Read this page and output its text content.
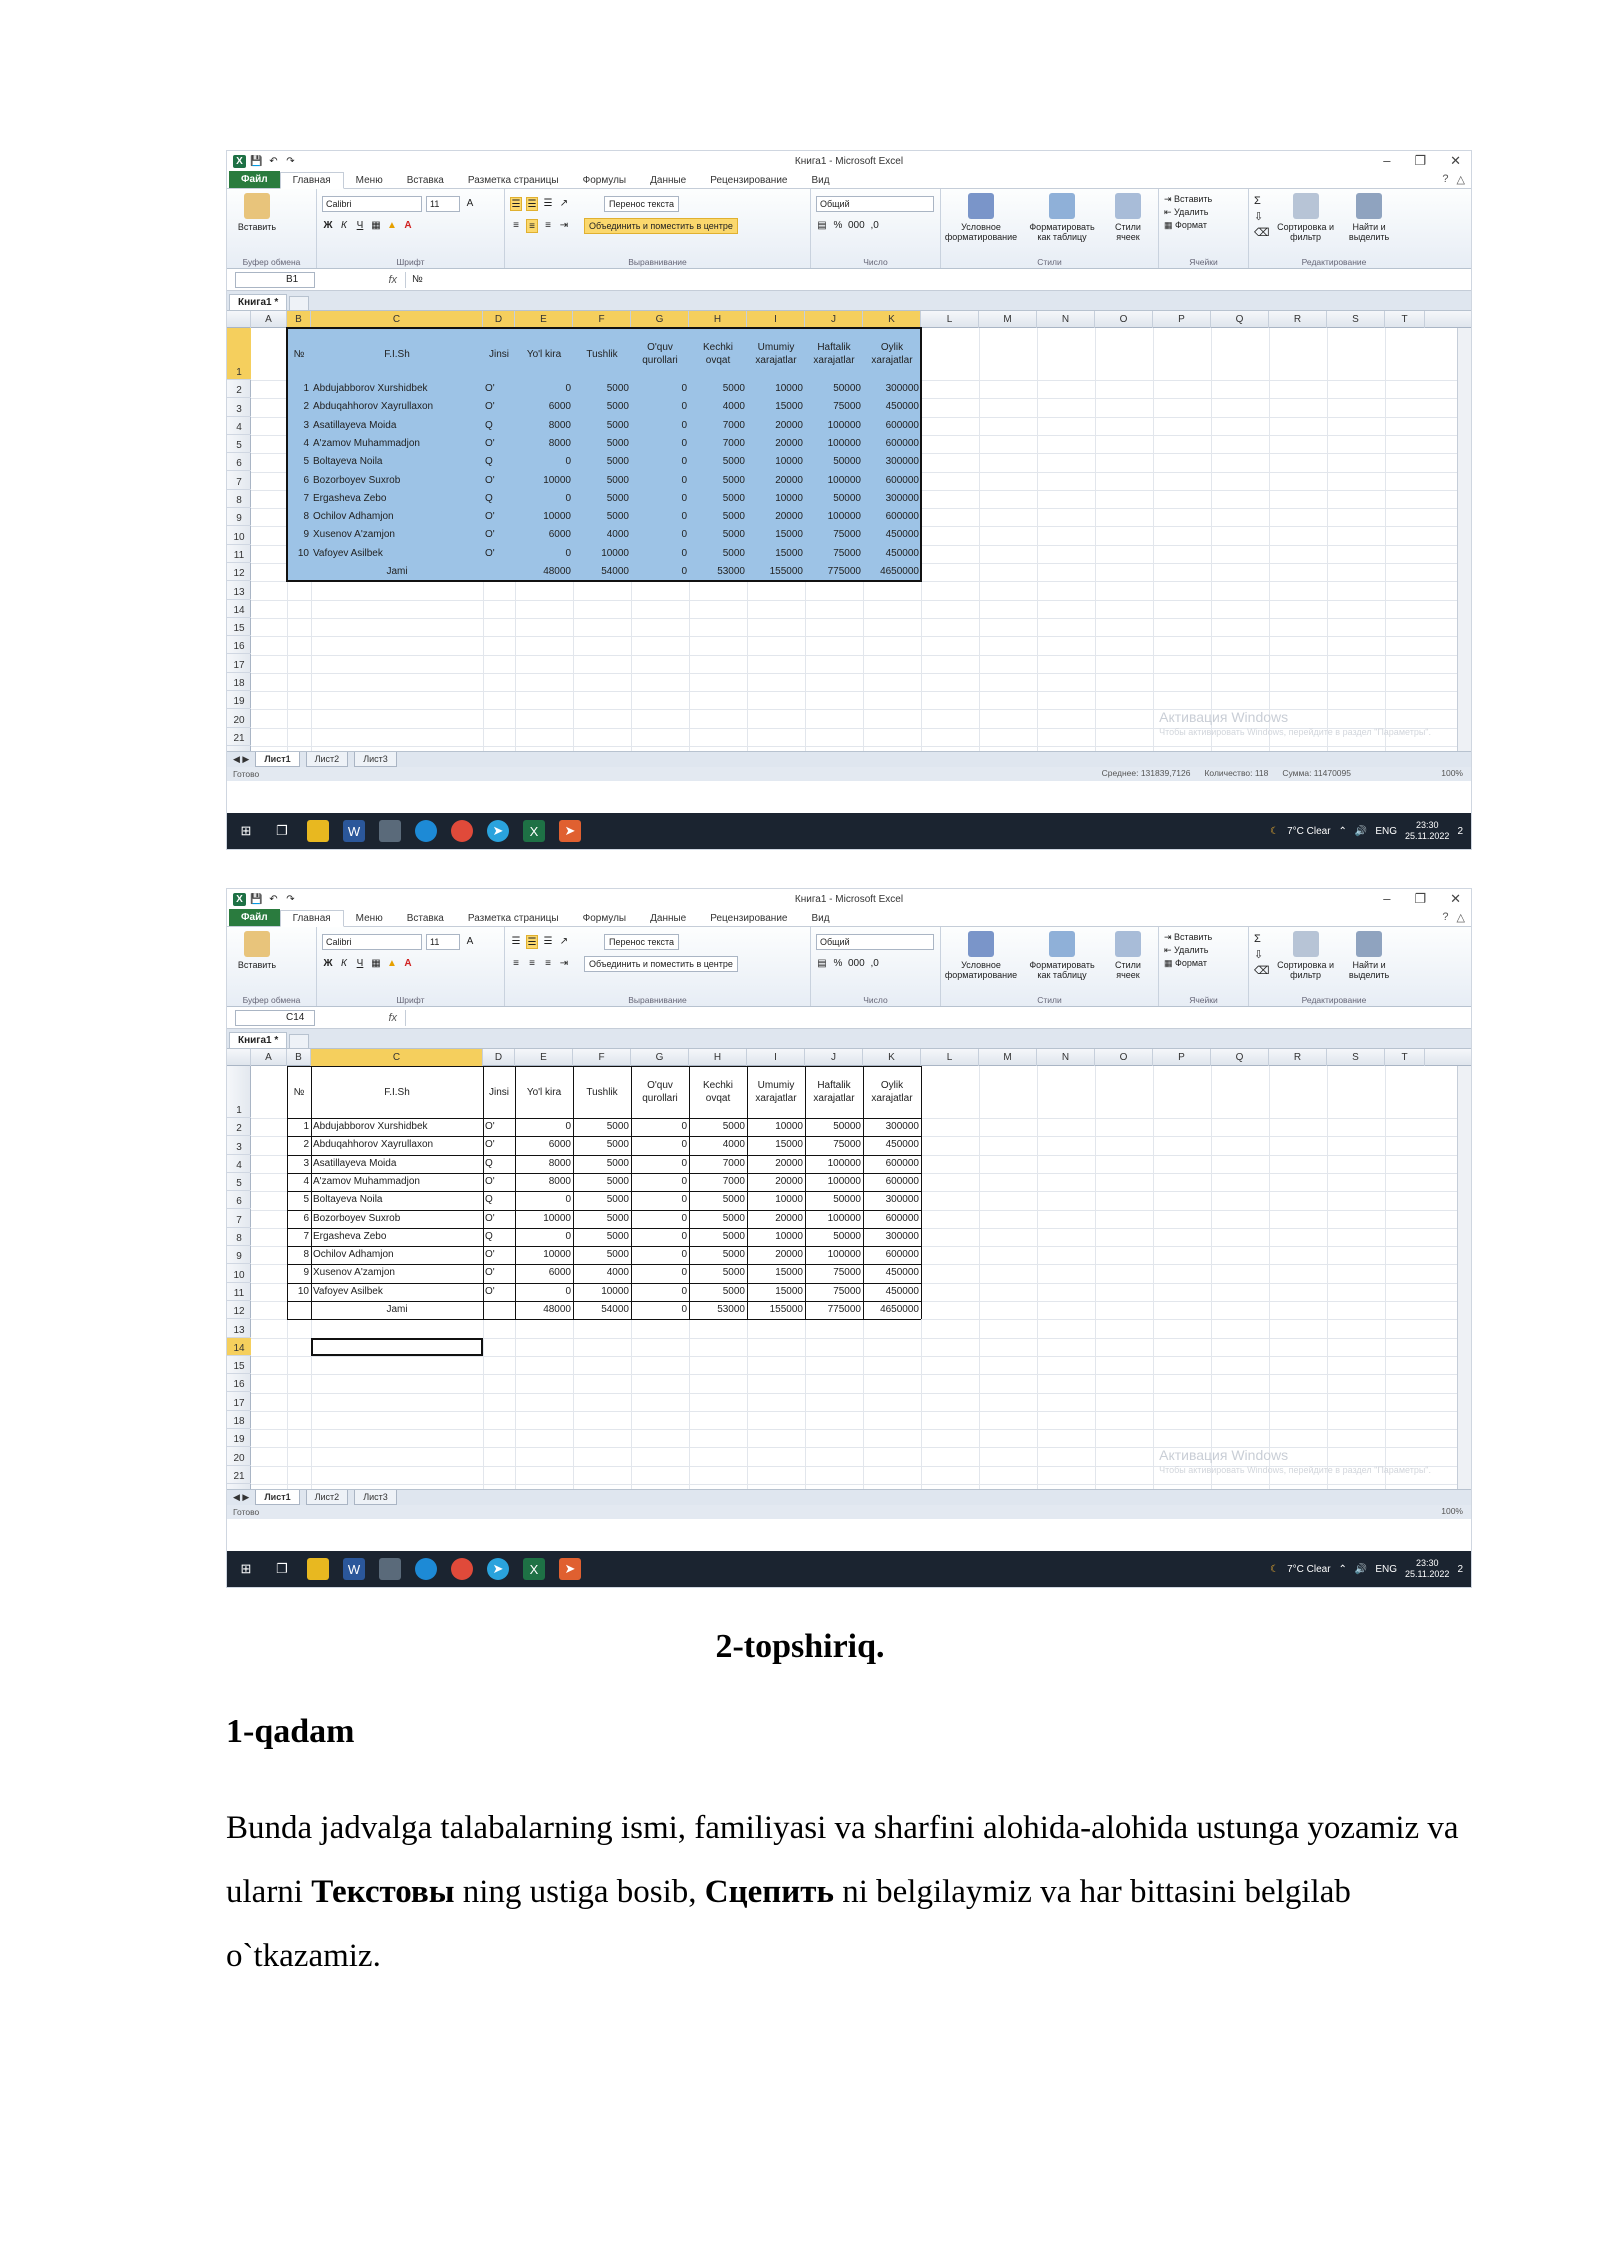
X 💾 ↶ ↷	Книга1 - Microsoft Excel	– ❐ ✕
Файл	Главная	Меню	Вставка	Разметка страницы	Формулы	Данные	Рецензирование	Вид	? △
Вставить
Буфер обмена
Calibri	11	A
Ж К Ч ▦ ▲ A
Шрифт
☰ ☰ ☰ ↗	Перенос текста
≡	≡	≡ ⇥	Объединить и поместить в центре
Выравнивание
Общий
▤ % 000 ,0
Число
Условное форматирование
Форматировать как таблицу
Стили ячеек
Стили
⇥ Вставить
⇤ Удалить
▦ Формат
Ячейки
Σ
⇩
⌫ Сортировка и фильтр
Найти и выделить
Редактирование
B1	fx	№
Книга1 *
A	B	C	D	E	F	G	H	I	J	K	L	M	N	O	P	Q	R	S	T
1
2
3
4
5
6
7
8
9
10
11
12
13
14
15
16
17
18
19
20
21
№	F.I.Sh	Jinsi	Yo'l kira	Tushlik
O'quv qurollari
Kechki ovqat
Umumiy xarajatlar
Haftalik xarajatlar
Oylik xarajatlar
1 Abdujabborov Xurshidbek	O'	0	5000	0	5000	10000	50000	300000
2 Abduqahhorov Xayrullaxon	O'	6000	5000	0	4000	15000	75000	450000
3 Asatillayeva Moida	Q	8000	5000	0	7000	20000	100000	600000
4 A'zamov Muhammadjon	O'	8000	5000	0	7000	20000	100000	600000
5 Boltayeva Noila	Q	0	5000	0	5000	10000	50000	300000
6 Bozorboyev Suxrob	O'	10000	5000	0	5000	20000	100000	600000
7 Ergasheva Zebo	Q	0	5000	0	5000	10000	50000	300000
8 Ochilov Adhamjon	O'	10000	5000	0	5000	20000	100000	600000
9 Xusenov A'zamjon	O'	6000	4000	0	5000	15000	75000	450000
10 Vafoyev Asilbek	O'	0	10000	0	5000	15000	75000	450000
Jami	48000	54000	0	53000	155000	775000	4650000
Активация Windows
Чтобы активировать Windows, перейдите в раздел "Параметры".
◀ ▶	Лист1	Лист2	Лист3
Готово	Среднее: 131839,7126 Количество: 118 Сумма: 11470095	100%
⊞	❐	W	➤	X	➤	☾ 7°C Clear ⌃ 🔊 ENG
23:30
25.11.2022 2
X 💾 ↶ ↷	Книга1 - Microsoft Excel	– ❐ ✕
Файл	Главная	Меню	Вставка	Разметка страницы	Формулы	Данные	Рецензирование	Вид	? △
Вставить
Буфер обмена
Calibri	11	A
Ж К Ч ▦ ▲ A
Шрифт
☰ ☰ ☰ ↗	Перенос текста
≡	≡	≡ ⇥	Объединить и поместить в центре
Выравнивание
Общий
▤ % 000 ,0
Число
Условное форматирование
Форматировать как таблицу
Стили ячеек
Стили
⇥ Вставить
⇤ Удалить
▦ Формат
Ячейки
Σ
⇩
⌫ Сортировка и фильтр
Найти и выделить
Редактирование
C14	fx
Книга1 *
A	B	C	D	E	F	G	H	I	J	K	L	M	N	O	P	Q	R	S	T
1
2
3
4
5
6
7
8
9
10
11
12
13
14
15
16
17
18
19
20
21
№	F.I.Sh	Jinsi	Yo'l kira	Tushlik
O'quv qurollari
Kechki ovqat
Umumiy xarajatlar
Haftalik xarajatlar
Oylik xarajatlar
1 Abdujabborov Xurshidbek	O'	0	5000	0	5000	10000	50000	300000
2 Abduqahhorov Xayrullaxon	O'	6000	5000	0	4000	15000	75000	450000
3 Asatillayeva Moida	Q	8000	5000	0	7000	20000	100000	600000
4 A'zamov Muhammadjon	O'	8000	5000	0	7000	20000	100000	600000
5 Boltayeva Noila	Q	0	5000	0	5000	10000	50000	300000
6 Bozorboyev Suxrob	O'	10000	5000	0	5000	20000	100000	600000
7 Ergasheva Zebo	Q	0	5000	0	5000	10000	50000	300000
8 Ochilov Adhamjon	O'	10000	5000	0	5000	20000	100000	600000
9 Xusenov A'zamjon	O'	6000	4000	0	5000	15000	75000	450000
10 Vafoyev Asilbek	O'	0	10000	0	5000	15000	75000	450000
Jami	48000	54000	0	53000	155000	775000	4650000
Активация Windows
Чтобы активировать Windows, перейдите в раздел "Параметры".
◀ ▶	Лист1	Лист2	Лист3
Готово	100%
⊞	❐	W	➤	X	➤	☾ 7°C Clear ⌃ 🔊 ENG
23:30
25.11.2022 2
2-topshiriq.
1-qadam
Bunda jadvalga talabalarning ismi, familiyasi va sharfini alohida-alohida ustunga yozamiz va ularni Текстовы ning ustiga bosib, Сцепить ni belgilaymiz va har bittasini belgilab o`tkazamiz.
